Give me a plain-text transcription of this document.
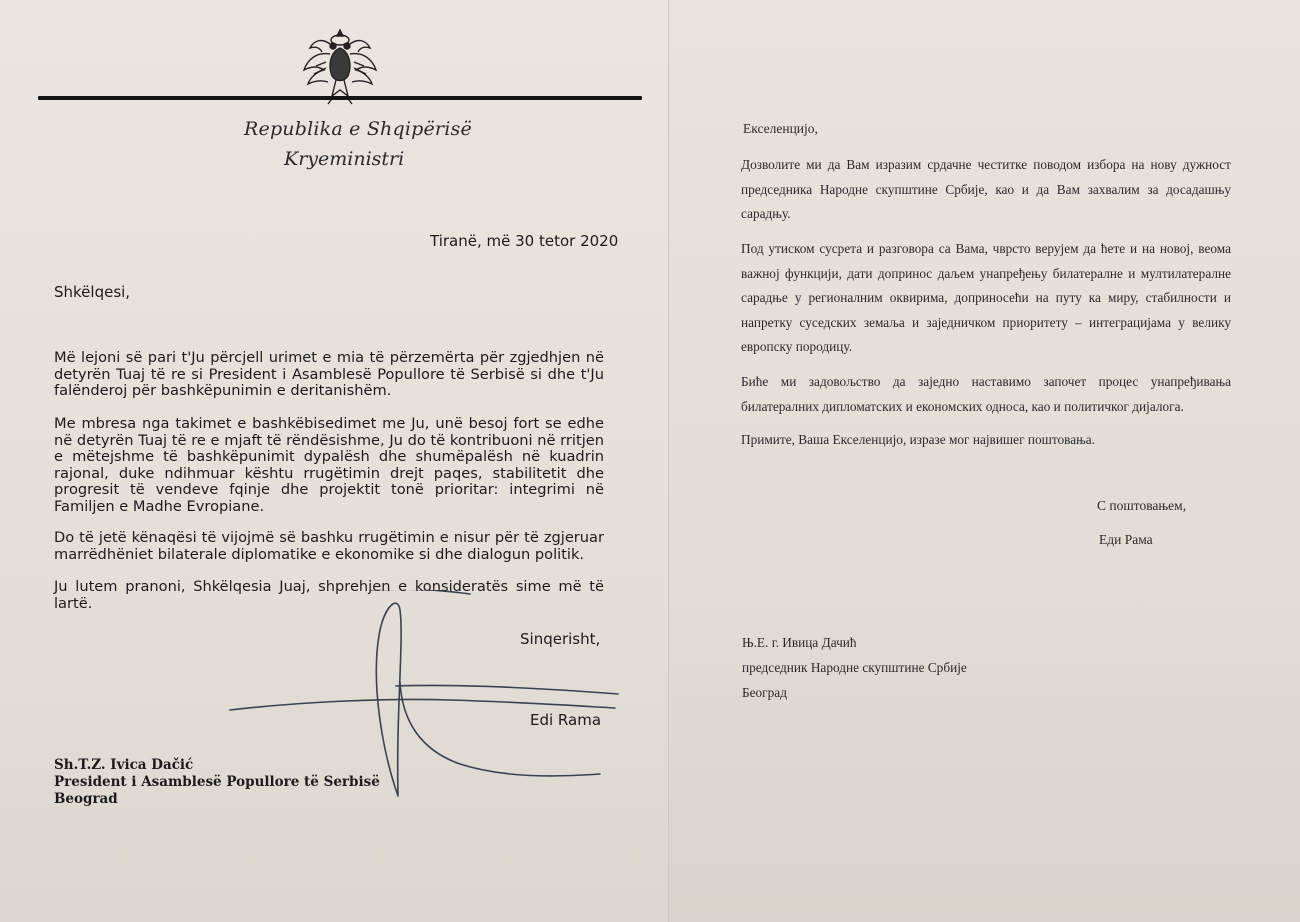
Republika e Shqipërisë
Kryeministri
Tiranë, më 30 tetor 2020
Shkëlqesi,

Më lejoni së pari t'Ju përcjell urimet e mia të përzemërta për zgjedhjen në detyrën Tuaj të re si President i Asamblesë Popullore të Serbisë si dhe t'Ju falënderoj për bashkëpunimin e deritanishëm.

Me mbresa nga takimet e bashkëbisedimet me Ju, unë besoj fort se edhe në detyrën Tuaj të re e mjaft të rëndësishme, Ju do të kontribuoni në rritjen e mëtejshme të bashkëpunimit dypalësh dhe shumëpalësh në kuadrin rajonal, duke ndihmuar kështu rrugëtimin drejt paqes, stabilitetit dhe progresit të vendeve fqinje dhe projektit tonë prioritar: integrimi në Familjen e Madhe Evropiane.

Do të jetë kënaqësi të vijojmë së bashku rrugëtimin e nisur për të zgjeruar marrëdhëniet bilaterale diplomatike e ekonomike si dhe dialogun politik.

Ju lutem pranoni, Shkëlqesia Juaj, shprehjen e konsideratës sime më të lartë.

Sinqerisht,
Edi Rama
Sh.T.Z. Ivica Dačić
President i Asamblesë Popullore të Serbisë
Beograd
Екселенцијо,

Дозволите ми да Вам изразим срдачне честитке поводом избора на нову дужност председника Народне скупштине Србије, као и да Вам захвалим за досадашњу сарадњу.

Под утиском сусрета и разговора са Вама, чврсто верујем да ћете и на новој, веома важној функцији, дати допринос даљем унапређењу билатералне и мултилатералне сарадње у регионалним оквирима, доприносећи на путу ка миру, стабилности и напретку суседских земаља и заједничком приоритету – интеграцијама у велику европску породицу.

Биће ми задовољство да заједно наставимо започет процес унапређивања билатералних дипломатских и економских односа, као и политичког дијалога.

Примите, Ваша Екселенцијо, изразе мог највишег поштовања.

С поштовањем,
Еди Рама
Њ.Е. г. Ивица Дачић
председник Народне скупштине Србије
Београд
